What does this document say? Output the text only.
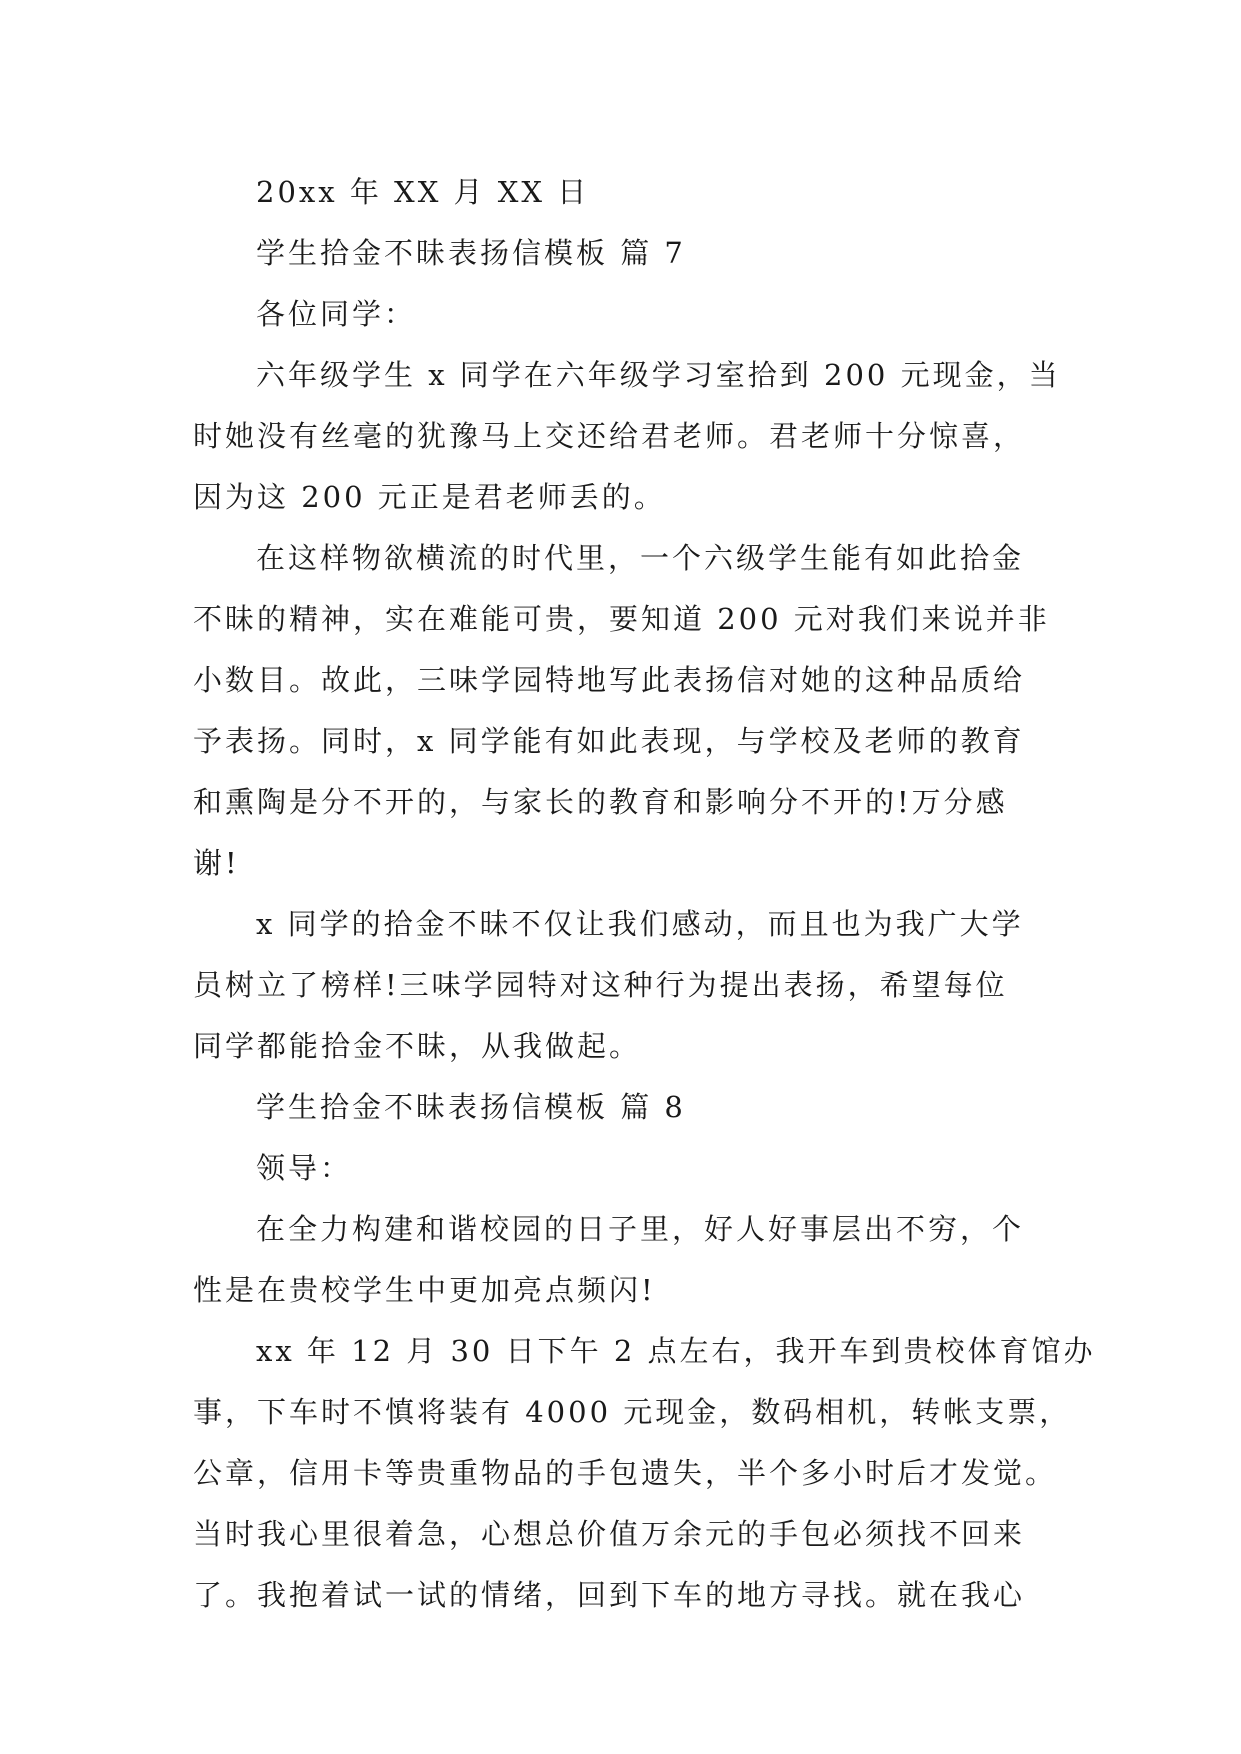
20xx 年 XX 月 XX 日
学生拾金不昧表扬信模板 篇 7
各位同学：
六年级学生 x 同学在六年级学习室拾到 200 元现金，当
时她没有丝毫的犹豫马上交还给君老师。君老师十分惊喜，
因为这 200 元正是君老师丢的。
在这样物欲横流的时代里，一个六级学生能有如此拾金
不昧的精神，实在难能可贵，要知道 200 元对我们来说并非
小数目。故此，三味学园特地写此表扬信对她的这种品质给
予表扬。同时，x 同学能有如此表现，与学校及老师的教育
和熏陶是分不开的，与家长的教育和影响分不开的!万分感
谢!
x 同学的拾金不昧不仅让我们感动，而且也为我广大学
员树立了榜样!三味学园特对这种行为提出表扬，希望每位
同学都能拾金不昧，从我做起。
学生拾金不昧表扬信模板 篇 8
领导：
在全力构建和谐校园的日子里，好人好事层出不穷，个
性是在贵校学生中更加亮点频闪!
xx 年 12 月 30 日下午 2 点左右，我开车到贵校体育馆办
事，下车时不慎将装有 4000 元现金，数码相机，转帐支票，
公章，信用卡等贵重物品的手包遗失，半个多小时后才发觉。
当时我心里很着急，心想总价值万余元的手包必须找不回来
了。我抱着试一试的情绪，回到下车的地方寻找。就在我心
